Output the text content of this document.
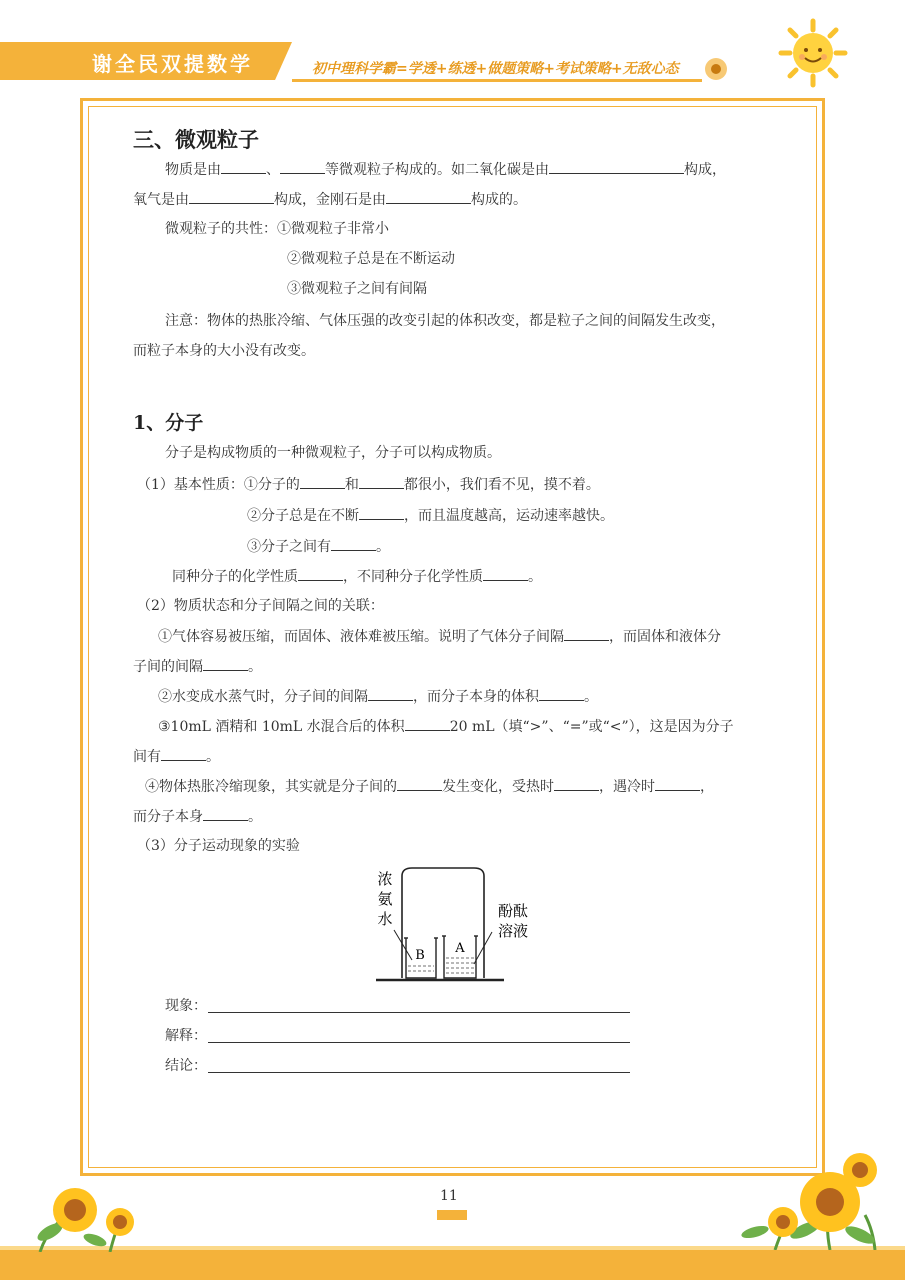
谢全民双提数学	初中理科学霸=学透+练透+做题策略+考试策略+无敌心态
三、微观粒子
物质是由	、	等微观粒子构成的。如二氧化碳是由	构成，
氧气是由	构成，金刚石是由	构成的。
微观粒子的共性：①微观粒子非常小
②微观粒子总是在不断运动
③微观粒子之间有间隔
注意：物体的热胀冷缩、气体压强的改变引起的体积改变，都是粒子之间的间隔发生改变，
而粒子本身的大小没有改变。
1、分子
分子是构成物质的一种微观粒子，分子可以构成物质。
（1）基本性质：①分子的	和	都很小，我们看不见，摸不着。
②分子总是在不断	，而且温度越高，运动速率越快。
③分子之间有	。
同种分子的化学性质	，不同种分子化学性质	。
（2）物质状态和分子间隔之间的关联：
①气体容易被压缩，而固体、液体难被压缩。说明了气体分子间隔	，而固体和液体分
子间的间隔	。
②水变成水蒸气时，分子间的间隔	，而分子本身的体积	。
③10mL 酒精和 10mL 水混合后的体积	20 mL（填“>”、“=”或“<”），这是因为分子
间有	。
④物体热胀冷缩现象，其实就是分子间的	发生变化，受热时	，遇冷时	，
而分子本身	。
（3）分子运动现象的实验
B A
浓
氨
水	酚酞
溶液
现象：
解释：
结论：
11
